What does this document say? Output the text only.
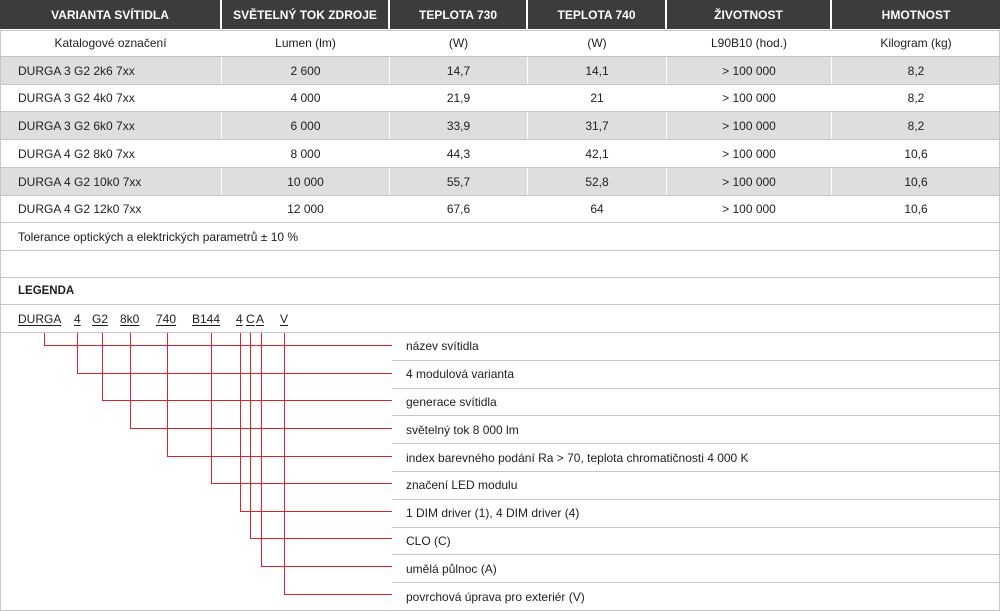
VARIANTA SVÍTIDLA	SVĚTELNÝ TOK ZDROJE	TEPLOTA 730	TEPLOTA 740	ŽIVOTNOST	HMOTNOST
Katalogové označení	Lumen (lm)	(W)	(W)	L90B10 (hod.)	Kilogram (kg)
DURGA 3 G2 2k6 7xx	2 600	14,7	14,1	> 100 000	8,2
DURGA 3 G2 4k0 7xx	4 000	21,9	21	> 100 000	8,2
DURGA 3 G2 6k0 7xx	6 000	33,9	31,7	> 100 000	8,2
DURGA 4 G2 8k0 7xx	8 000	44,3	42,1	> 100 000	10,6
DURGA 4 G2 10k0 7xx	10 000	55,7	52,8	> 100 000	10,6
DURGA 4 G2 12k0 7xx	12 000	67,6	64	> 100 000	10,6
Tolerance optických a elektrických parametrů ± 10 %
LEGENDA
DURGA 4 G2 8k0 740 B144 4 C A V
název svítidla
4 modulová varianta
generace svítidla
světelný tok 8 000 lm
index barevného podání Ra > 70, teplota chromatičnosti 4 000 K
značení LED modulu
1 DIM driver (1), 4 DIM driver (4)
CLO (C)
umělá půlnoc (A)
povrchová úprava pro exteriér (V)
